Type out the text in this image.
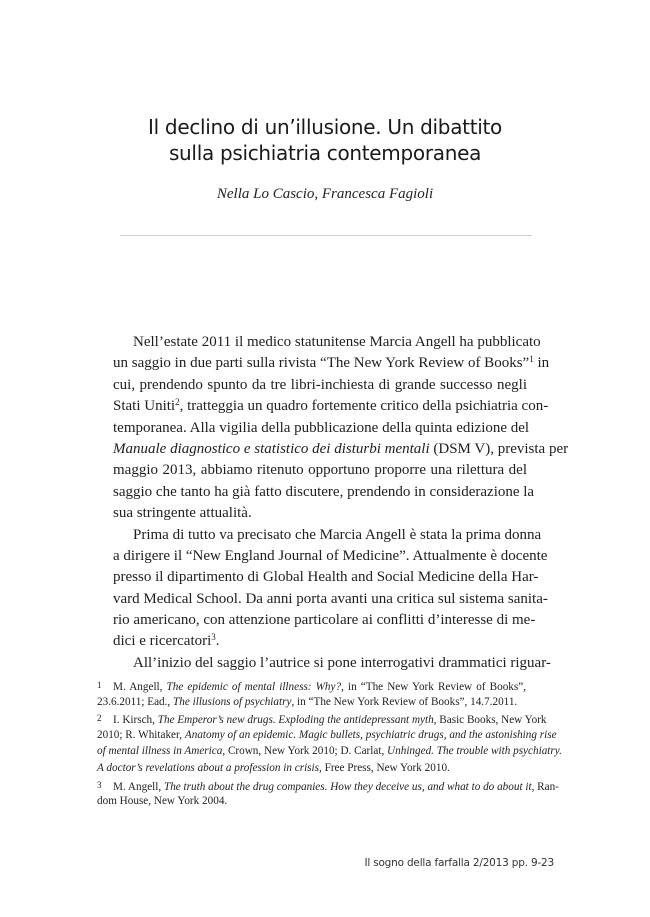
Il declino di un’illusione. Un dibattito
sulla psichiatria contemporanea
Nella Lo Cascio, Francesca Fagioli
Nell’estate 2011 il medico statunitense Marcia Angell ha pubblicato
un saggio in due parti sulla rivista “The New York Review of Books”$^1$ in
cui, prendendo spunto da tre libri-inchiesta di grande successo negli
Stati Uniti$^2$, tratteggia un quadro fortemente critico della psichiatria con-
temporanea. Alla vigilia della pubblicazione della quinta edizione del
Manuale diagnostico e statistico dei disturbi mentali (DSM V), prevista per
maggio 2013, abbiamo ritenuto opportuno proporre una rilettura del
saggio che tanto ha già fatto discutere, prendendo in considerazione la
sua stringente attualità.
Prima di tutto va precisato che Marcia Angell è stata la prima donna
a dirigere il “New England Journal of Medicine”. Attualmente è docente
presso il dipartimento di Global Health and Social Medicine della Har-
vard Medical School. Da anni porta avanti una critica sul sistema sanita-
rio americano, con attenzione particolare ai conflitti d’interesse di me-
dici e ricercatori$^3$.
All’inizio del saggio l’autrice si pone interrogativi drammatici riguar-
1 M. Angell, The epidemic of mental illness: Why?, in “The New York Review of Books”,
23.6.2011; Ead., The illusions of psychiatry, in “The New York Review of Books”, 14.7.2011.
2 I. Kirsch, The Emperor’s new drugs. Exploding the antidepressant myth, Basic Books, New York
2010; R. Whitaker, Anatomy of an epidemic. Magic bullets, psychiatric drugs, and the astonishing rise
of mental illness in America, Crown, New York 2010; D. Carlat, Unhinged. The trouble with psychiatry.
A doctor’s revelations about a profession in crisis, Free Press, New York 2010.
3 M. Angell, The truth about the drug companies. How they deceive us, and what to do about it, Ran-
dom House, New York 2004.
Il sogno della farfalla 2/2013 pp. 9-23
